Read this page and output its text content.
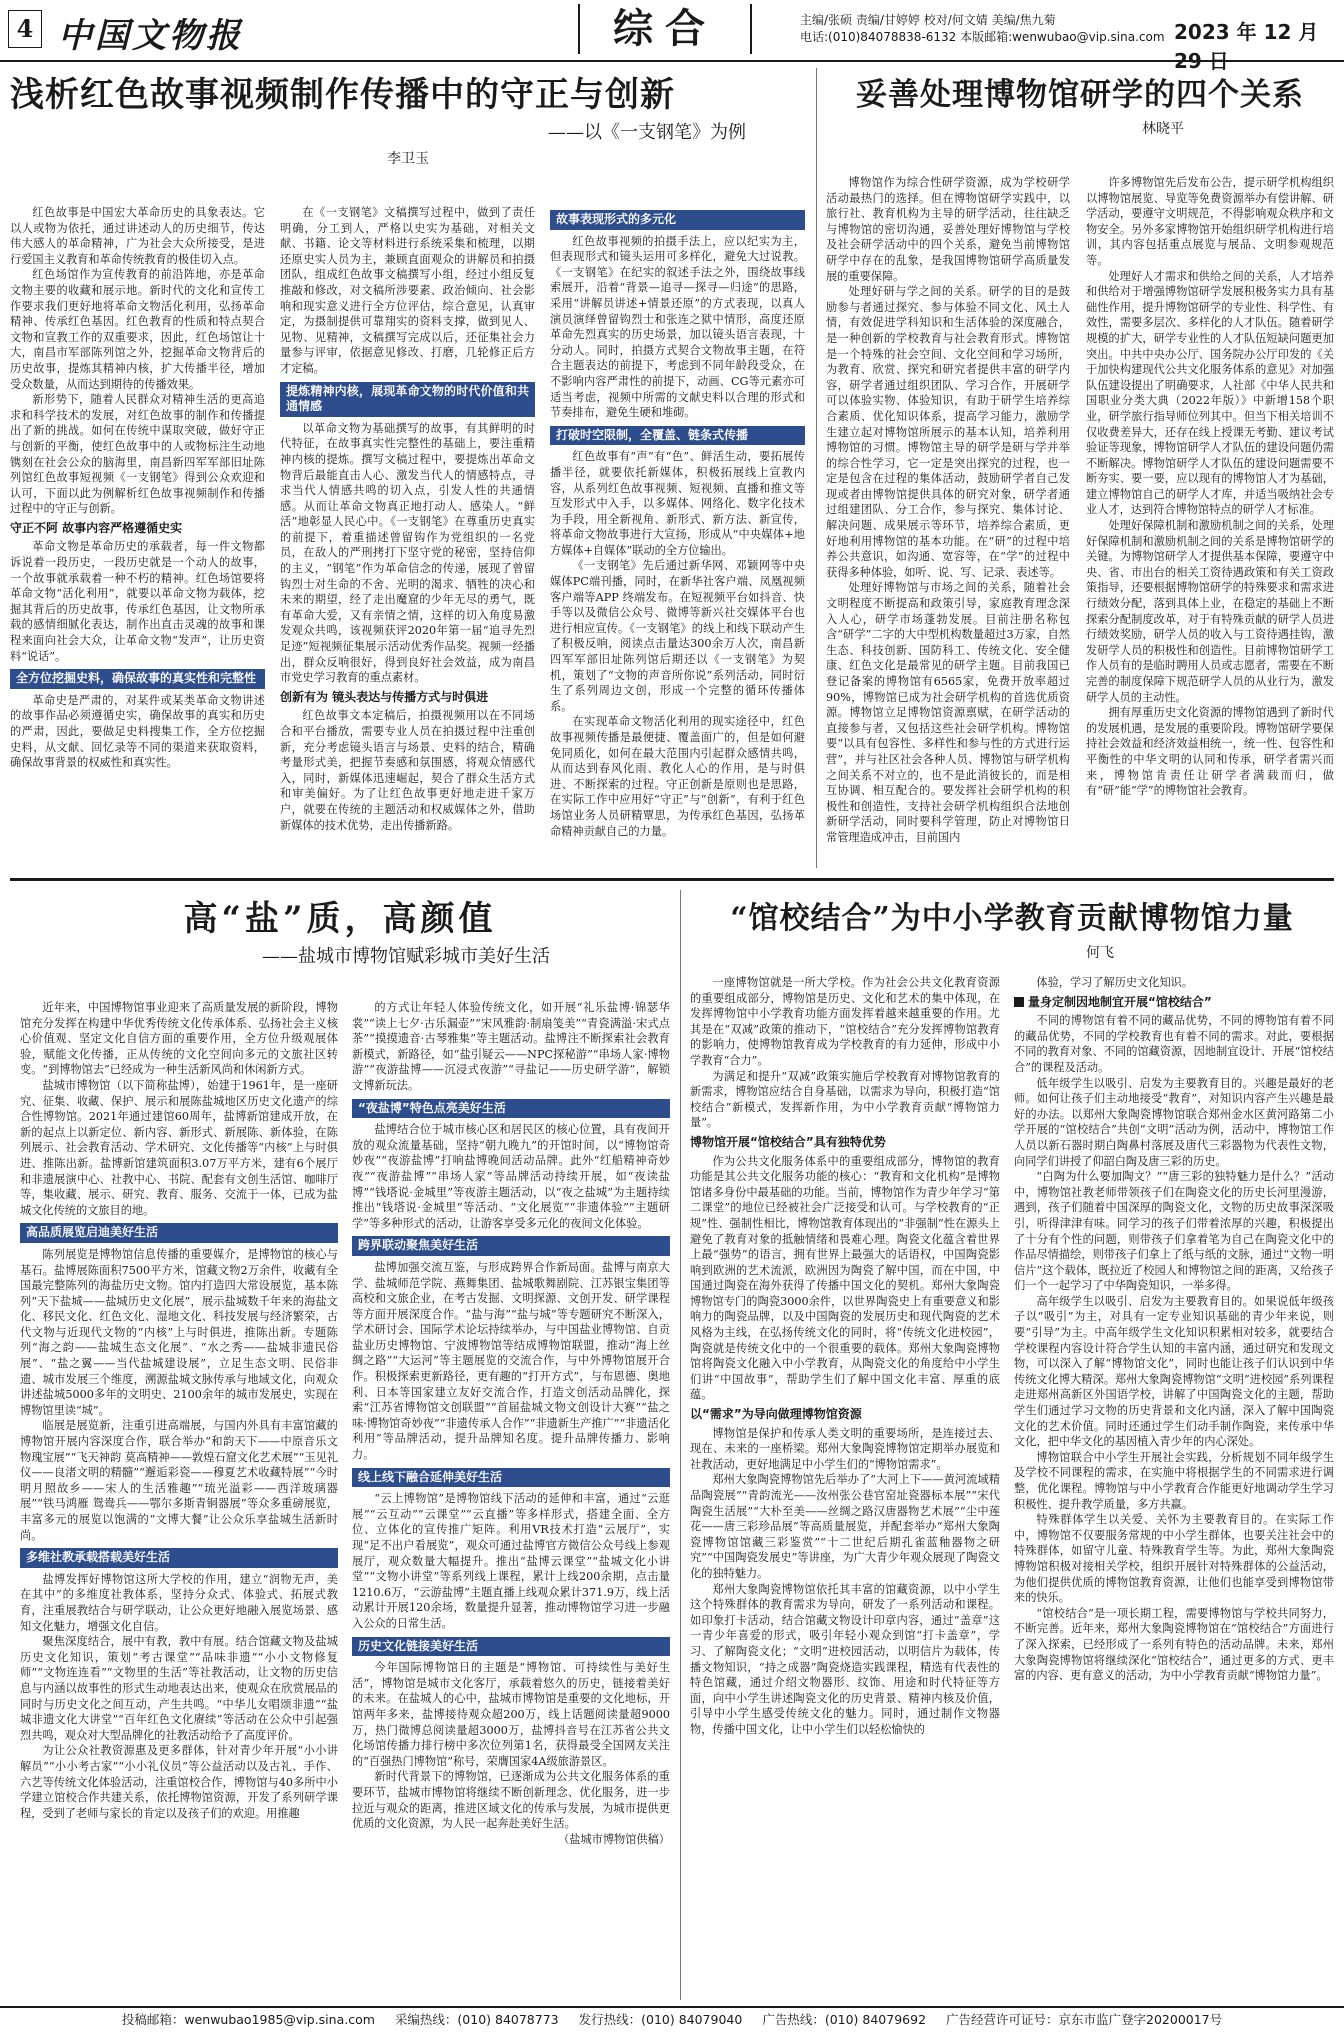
4 中国文物报	综合	主编/张硕 责编/甘婷婷 校对/何文婧 美编/焦九菊
电话:(010)84078838-6132 本版邮箱:wenwubao@vip.sina.com 2023 年 12 月 29 日
浅析红色故事视频制作传播中的守正与创新
——以《一支钢笔》为例
李卫玉

红色故事是中国宏大革命历史的具象表达。它以人或物为依托，通过讲述动人的历史细节，传达伟大感人的革命精神，广为社会大众所接受，是进行爱国主义教育和革命传统教育的极佳切入点。

红色场馆作为宣传教育的前沿阵地，亦是革命文物主要的收藏和展示地。新时代的文化和宣传工作要求我们更好地将革命文物活化利用，弘扬革命精神、传承红色基因。红色教育的性质和特点契合文物和宣教工作的双重要求，因此，红色场馆让十大，南昌市军部陈列馆之外，挖掘革命文物背后的历史故事，提炼其精神内核，扩大传播半径，增加受众数量，从而达到期待的传播效果。

新形势下，随着人民群众对精神生活的更高追求和科学技术的发展，对红色故事的制作和传播提出了新的挑战。如何在传统中谋取突破，做好守正与创新的平衡，使红色故事中的人或物标注生动地镌刻在社会公众的脑海里，南昌新四军军部旧址陈列馆红色故事短视频《一支钢笔》得到公众欢迎和认可，下面以此为例解析红色故事视频制作和传播过程中的守正与创新。

守正不阿 故事内容严格遵循史实

革命文物是革命历史的承载者，每一件文物都诉说着一段历史，一段历史就是一个动人的故事，一个故事就承载着一种不朽的精神。红色场馆要将革命文物“活化利用”，就要以革命文物为载体，挖掘其背后的历史故事，传承红色基因，让文物所承载的感情细腻化表达，制作出直击灵魂的故事和课程来面向社会大众，让革命文物“发声”，让历史资料“说话”。

全方位挖掘史料，确保故事的真实性和完整性

革命史是严肃的，对某件或某类革命文物讲述的故事作品必须遵循史实，确保故事的真实和历史的严肃，因此，要做足史料搜集工作，全方位挖掘史料，从文献、回忆录等不同的渠道来获取资料，确保故事背景的权威性和真实性。

在《一支钢笔》文稿撰写过程中，做到了责任明确，分工到人，严格以史实为基础，对相关文献、书籍、论文等材料进行系统采集和梳理，以期还原史实人员为主，兼顾直面观众的讲解员和拍摄团队，组成红色故事文稿撰写小组，经过小组反复推敲和修改，对文稿所涉要素、政治倾向、社会影响和现实意义进行全方位评估，综合意见，认真审定，为摄制提供可靠翔实的资料支撑，做到见人、见物、见精神，文稿撰写完成以后，还征集社会力量参与评审，依据意见修改、打磨，几轮修正后方才定稿。

提炼精神内核，展现革命文物的时代价值和共通情感

以革命文物为基础撰写的故事，有其鲜明的时代特征，在故事真实性完整性的基础上，要注重精神内核的提炼。撰写文稿过程中，要提炼出革命文物背后最能直击人心、激发当代人的情感特点，寻求当代人情感共鸣的切入点，引发人性的共通情感。从而让革命文物真正地打动人、感染人。“鲜活”地彰显人民心中。《一支钢笔》在尊重历史真实的前提下，着重描述曾留钩作为党组织的一名党员，在敌人的严刑拷打下坚守党的秘密，坚持信仰的主义，“钢笔”作为革命信念的传递，展现了曾留钩烈士对生命的不舍、光明的渴求、牺牲的决心和未来的期望，经了走出魔窟的少年无尽的勇气，既有革命大爱，又有亲情之情，这样的切入角度易激发观众共鸣，该视频获评2020年第一届“追寻先烈足迹”短视频征集展示活动优秀作品奖。视频一经播出，群众反响很好，得到良好社会效益，成为南昌市党史学习教育的重点素材。

创新有为 镜头表达与传播方式与时俱进

红色故事文本定稿后，拍摄视频用以在不同场合和平台播放，需要专业人员在拍摄过程中注重创新，充分考虑镜头语言与场景、史料的结合，精确考量形式美，把握节奏感和氛围感，将观众情感代入，同时，新媒体迅速崛起，契合了群众生活方式和审美偏好。为了让红色故事更好地走进千家万户，就要在传统的主题活动和权威媒体之外，借助新媒体的技术优势，走出传播新路。

故事表现形式的多元化

红色故事视频的拍摄手法上，应以纪实为主，但表现形式和镜头运用可多样化，避免大过说教。《一支钢笔》在纪实的叙述手法之外，围绕故事线索展开，沿着“背景—追寻—探寻—归途”的思路，采用“讲解员讲述+情景还原”的方式表现，以真人演员演绎曾留钩烈士和张连之狱中情形，高度还原革命先烈真实的历史场景，加以镜头语言表现，十分动人。同时，拍摄方式契合文物故事主题，在符合主题表达的前提下，考虑到不同年龄段受众，在不影响内容严肃性的前提下，动画、CG等元素亦可适当考虑，视频中所需的文献史料以合理的形式和节奏排布，避免生硬和堆砌。

打破时空限制，全覆盖、链条式传播

红色故事有“声”有“色”、鲜活生动，要拓展传播半径，就要依托新媒体，积极拓展线上宣教内容，从系列红色故事视频、短视频、直播和推文等互发形式中入手，以多媒体、网络化、数字化技术为手段，用全新视角、新形式、新方法、新宣传，将革命文物故事进行大宣扬，形成从“中央媒体+地方媒体+自媒体”联动的全方位输出。

《一支钢笔》先后通过新华网、邓颖网等中央媒体PC端刊播，同时，在新华社客户端、凤凰视频客户端等APP 终端发布。在短视频平台如抖音、快手等以及微信公众号、微博等新兴社交媒体平台也进行相应宣传。《一支钢笔》的线上和线下联动产生了积极反响，阅读点击量达300余万人次，南昌新四军军部旧址陈列馆后期还以《一支钢笔》为契机，策划了“文物的声音所你说”系列活动，同时衍生了系列周边文创，形成一个完整的循环传播体系。

在实现革命文物活化利用的现实途径中，红色故事视频传播是最便捷、覆盖面广的，但是如何避免同质化，如何在最大范围内引起群众感情共鸣，从而达到春风化雨、教化人心的作用，是与时俱进、不断探索的过程。守正创新是原则也是思路，在实际工作中应用好“守正”与“创新”，有利于红色场馆业务人员研精覃思，为传承红色基因，弘扬革命精神贡献自己的力量。

妥善处理博物馆研学的四个关系
林晓平

博物馆作为综合性研学资源，成为学校研学活动最热门的选择。但在博物馆研学实践中，以旅行社、教育机构为主导的研学活动，往往缺乏与博物馆的密切沟通，妥善处理好博物馆与学校及社会研学活动中的四个关系，避免当前博物馆研学中存在的乱象，是我国博物馆研学高质量发展的重要保障。

处理好研与学之间的关系。研学的目的是鼓励参与者通过探究、参与体验不同文化、风土人情，有效促进学科知识和生活体验的深度融合，是一种创新的学校教育与社会教育形式。博物馆是一个特殊的社会空间、文化空间和学习场所，为教育、欣赏、探究和研究者提供丰富的研学内容，研学者通过组织团队、学习合作，开展研学可以体验实物、体验知识，有助于研学生培养综合素质、优化知识体系，提高学习能力，激励学生建立起对博物馆所展示的基本认知，培养利用博物馆的习惯。博物馆主导的研学是研与学并举的综合性学习，它一定是突出探究的过程，也一定是包含在过程的集体活动，鼓励研学者自己发现或者由博物馆提供具体的研究对象，研学者通过组建团队、分工合作，参与探究、集体讨论、解决问题、成果展示等环节，培养综合素质，更好地利用博物馆的基本功能。在“研”的过程中培养公共意识，如沟通、宽容等，在“学”的过程中获得多种体验，如听、说、写、记录、表述等。

处理好博物馆与市场之间的关系，随着社会文明程度不断提高和政策引导，家庭教育理念深入人心，研学市场蓬勃发展。目前注册名称包含“研学”二字的大中型机构数量超过3万家，自然生态、科技创新、国防科工、传统文化、安全健康、红色文化是最常见的研学主题。目前我国已登记备案的博物馆有6565家，免费开放率超过90%，博物馆已成为社会研学机构的首选优质资源。博物馆立足博物馆资源禀赋，在研学活动的直接参与者，又包括这些社会研学机构。博物馆要“以具有包容性、多样性和参与性的方式进行运营”，并与社区社会各种人员、博物馆与研学机构之间关系不对立的，也不是此消彼长的，而是相互协调、相互配合的。要发挥社会研学机构的积极性和创造性，支持社会研学机构组织合法地创新研学活动，同时要科学管理，防止对博物馆日常管理造成冲击，目前国内

许多博物馆先后发布公告，提示研学机构组织以博物馆展览、导览等免费资源举办有偿讲解、研学活动，要遵守文明规范，不得影响观众秩序和文物安全。另外多家博物馆开始组织研学机构进行培训，其内容包括重点展览与展品、文明参观规范等。

处理好人才需求和供给之间的关系，人才培养和供给对于增强博物馆研学发展积极务实力具有基础性作用，提升博物馆研学的专业性、科学性、有效性，需要多层次、多样化的人才队伍。随着研学规模的扩大，研学专业性的人才队伍短缺问题更加突出。中共中央办公厅、国务院办公厅印发的《关于加快构建现代公共文化服务体系的意见》对加强队伍建设提出了明确要求，人社部《中华人民共和国职业分类大典（2022年版）》中新增158个职业，研学旅行指导师位列其中。但当下相关培训不仅收费差异大，还存在线上授课无考勤、建议考试验证等现象，博物馆研学人才队伍的建设问题仍需不断解决。博物馆研学人才队伍的建设问题需要不断夯实、要一要，应以现有的博物馆人才为基础，建立博物馆自己的研学人才库，并适当吸纳社会专业人才，达到符合博物馆特点的研学人才标准。

处理好保障机制和激励机制之间的关系，处理好保障机制和激励机制之间的关系是博物馆研学的关键。为博物馆研学人才提供基本保障，要遵守中央、省、市出台的相关工资待遇政策和有关工资政策指导，还要根据博物馆研学的特殊要求和需求进行绩效分配，落到具体上业，在稳定的基础上不断探索分配制度改革，对于有特殊贡献的研学人员进行绩效奖励，研学人员的收入与工资待遇挂钩，激发研学人员的积极性和创造性。目前博物馆研学工作人员有的是临时聘用人员或志愿者，需要在不断完善的制度保障下规范研学人员的从业行为，激发研学人员的主动性。

拥有厚重历史文化资源的博物馆遇到了新时代的发展机遇，是发展的重要阶段。博物馆研学要保持社会效益和经济效益相统一，统一性、包容性和平衡性的中华文明的认同和传承，研学者需兴而来，博物馆肯责任让研学者满载而归，做有“研”能“学”的博物馆社会教育。

高“盐”质，高颜值
——盐城市博物馆赋彩城市美好生活

近年来，中国博物馆事业迎来了高质量发展的新阶段，博物馆充分发挥在构建中华优秀传统文化传承体系、弘扬社会主义核心价值观、坚定文化自信方面的重要作用，全方位升级观展体验，赋能文化传播，正从传统的文化空间向多元的文旅社区转变。“到博物馆去”已经成为一种生活新风尚和休闲新方式。

盐城市博物馆（以下简称盐博），始建于1961年，是一座研究、征集、收藏、保护、展示和展陈盐城地区历史文化遗产的综合性博物馆。2021年通过建馆60周年，盐博新馆建成开放，在新的起点上以新定位、新内容、新形式、新展陈、新体验，在陈列展示、社会教育活动、学术研究、文化传播等“内核”上与时俱进、推陈出新。盐博新馆建筑面积3.07万平方米，建有6个展厅和非遗展演中心、社教中心、书院、配套有文创生活馆、咖啡厅等，集收藏、展示、研究、教育、服务、交流于一体，已成为盐城文化传统的文旅目的地。

高品质展览启迪美好生活

陈列展览是博物馆信息传播的重要媒介，是博物馆的核心与基石。盐博展陈面积7500平方米，馆藏文物2万余件，收藏有全国最完整陈列的海盐历史文物。馆内打造四大常设展览，基本陈列“天下盐城——盐城历史文化展”，展示盐城数千年来的海盐文化、移民文化、红色文化、湿地文化、科技发展与经济繁荣，古代文物与近现代文物的“内核”上与时俱进，推陈出新。专题陈列“海之韵——盐城生态文化展”、“水之秀——盐城非遗民俗展”、“盐之翼——当代盐城建设展”，立足生态文明、民俗非遗、城市发展三个维度，溯源盐城文脉传承与地域文化，向观众讲述盐城5000多年的文明史、2100余年的城市发展史，实现在博物馆里读“城”。

临展是展览新，注重引进高端展，与国内外具有丰富馆藏的博物馆开展内容深度合作，联合举办“和韵天下——中原音乐文物瑰宝展”“飞天神韵 莫高精神——敦煌石窟文化艺术展”“玉见礼仪——良渚文明的精髓”“邂逅彩瓷——穆夏艺术收藏特展”“今时明月照故乡——宋人的生活雅趣”“琉光溢彩——西洋玻璃器展”“铁马鸿雁 鸳鸯兵——鄂尔多斯青铜器展”等众多重磅展览，丰富多元的展览以饱满的“文博大餐”让公众乐享盐城生活新时尚。

多维社教承载搭载美好生活

盐博发挥好博物馆这所大学校的作用，建立“润物无声，美在其中”的多维度社教体系，坚持分众式、体验式、拓展式教育，注重展教结合与研学联动，让公众更好地融入展览场景、感知文化魅力，增强文化自信。

聚焦深度结合，展中有教，教中有展。结合馆藏文物及盐城历史文化知识，策划“考古课堂”“品味非遗”“小小文物修复师”“文物连连看”“文物里的生活”等社教活动，让文物的历史信息与内涵以故事性的形式生动地表达出来，使观众在欣赏展品的同时与历史文化之间互动，产生共鸣。“中华儿女唱颂非遗”“盐城非遗文化大讲堂”“百年红色文化赓续”等活动在公众中引起强烈共鸣，观众对大型品牌化的社教活动给予了高度评价。

为让公众社教资源惠及更多群体，针对青少年开展“小小讲解员”“小小考古家”“小小礼仪员”等公益活动以及古礼、手作、六艺等传统文化体验活动，注重馆校合作，博物馆与40多所中小学建立馆校合作共建关系，依托博物馆资源，开发了系列研学课程，受到了老师与家长的肯定以及孩子们的欢迎。用推趣

的方式让年轻人体验传统文化，如开展“礼乐盐博·锦瑟华裳”“读上七夕·古乐漏壶”“宋风雅韵·制扇笺美”“青瓷满溢·宋式点茶”“摸摸遗音·古琴雅集”等主题活动。盐博注不断探索社会教育新模式，新路径，如“盐引疑云——NPC探秘游”“串场人家·博物游”“夜游盐博——沉浸式夜游”“寻盐记——历史研学游”，解锁文博新玩法。

“夜盐博”特色点亮美好生活

盐博结合位于城市核心区和居民区的核心位置，具有夜间开放的观众流量基础，坚持“朝九晚九”的开馆时间，以“博物馆奇妙夜”“夜游盐博”打响盐博晚间活动品牌。此外“红船精神奇妙夜”“夜游盐博”“串场人家”等品牌活动持续开展，如“夜读盐博”“钱塔说·金城里”等夜游主题活动，以“夜之盐城”为主题持续推出“钱塔说·金城里”等活动、“文化展览”“非遗体验”“主题研学”等多种形式的活动，让游客享受多元化的夜间文化体验。

跨界联动聚焦美好生活

盐博加强交流互鉴，与形成跨界合作新局面。盐博与南京大学、盐城师范学院、燕舞集团、盐城歌舞剧院、江苏银宝集团等高校和文旅企业，在考古发掘、文明探源、文创开发、研学课程等方面开展深度合作。“盐与海”“盐与城”等专题研究不断深入，学术研讨会、国际学术论坛持续举办，与中国盐业博物馆、自贡盐业历史博物馆、宁波博物馆等结成博物馆联盟，推动“海上丝绸之路”“大运河”等主题展览的交流合作，与中外博物馆展开合作。积极探索更新路径，更有趣的“打开方式”，与布恩德、奥地利、日本等国家建立友好交流合作，打造文创活动品牌化，探索“江苏省博物馆文创联盟”“首届盐城文物文创设计大赛”“盐之味·博物馆奇妙夜”“非遗传承人合作”“非遗新生产推广”“非遗活化利用”等品牌活动，提升品牌知名度。提升品牌传播力、影响力。

线上线下融合延伸美好生活

“云上博物馆”是博物馆线下活动的延伸和丰富，通过“云逛展”“云互动”“云课堂”“云直播”等多样形式，搭建全面、全方位、立体化的宣传推广矩阵。利用VR技术打造“云展厅”，实现“足不出户看展览”，观众可通过盐博官方微信公众号线上参观展厅，观众数量大幅提升。推出“盐博云课堂”“盐城文化小讲堂”“文物小讲堂”等系列线上课程，累计上线200余期，点击量1210.6万，“云游盐博”主题直播上线观众累计371.9万，线上活动累计开展120余场，数量提升显著，推动博物馆学习进一步融入公众的日常生活。

历史文化链接美好生活

今年国际博物馆日的主题是“博物馆、可持续性与美好生活”，博物馆是城市文化客厅，承载着悠久的历史，链接着美好的未来。在盐城人的心中，盐城市博物馆是重要的文化地标，开馆两年多来，盐博接待观众超200万，线上话题阅读量超9000万，热门微博总阅读量超3000万，盐博抖音号在江苏省公共文化场馆传播力排行榜中多次位列第1名，获得最受全国网友关注的“百强热门博物馆”称号，荣膺国家4A级旅游景区。

新时代背景下的博物馆，已逐渐成为公共文化服务体系的重要环节，盐城市博物馆将继续不断创新理念、优化服务，进一步拉近与观众的距离，推进区域文化的传承与发展，为城市提供更优质的文化资源，为人民一起奔赴美好生活。

（盐城市博物馆供稿）

“馆校结合”为中小学教育贡献博物馆力量
何飞

一座博物馆就是一所大学校。作为社会公共文化教育资源的重要组成部分，博物馆是历史、文化和艺术的集中体现，在发挥博物馆中小学教育功能方面发挥着越来越重要的作用。尤其是在“双减”政策的推动下，“馆校结合”充分发挥博物馆教育的影响力，使博物馆教育成为学校教育的有力延伸，形成中小学教育“合力”。

为满足和提升“双减”政策实施后学校教育对博物馆教育的新需求，博物馆应结合自身基础，以需求为导向，积极打造“馆校结合”新模式，发挥新作用，为中小学教育贡献“博物馆力量”。

博物馆开展“馆校结合”具有独特优势

作为公共文化服务体系中的重要组成部分，博物馆的教育功能是其公共文化服务功能的核心：“教育和文化机构”是博物馆诸多身份中最基础的功能。当前，博物馆作为青少年学习“第二课堂”的地位已经被社会广泛接受和认可。与学校教育的“正规”性、强制性相比，博物馆教育体现出的“非强制”性在源头上避免了教育对象的抵触情绪和畏难心理。陶瓷文化蕴含着世界上最“强势”的语言，拥有世界上最强大的话语权，中国陶瓷影响到欧洲的艺术流派，欧洲因为陶瓷了解中国，而在中国，中国通过陶瓷在海外获得了传播中国文化的契机。郑州大象陶瓷博物馆专门的陶瓷3000余件，以世界陶瓷史上有重要意义和影响力的陶瓷品牌，以及中国陶瓷的发展历史和现代陶瓷的艺术风格为主线，在弘扬传统文化的同时，将“传统文化进校园”，陶瓷就是传统文化中的一个很重要的载体。郑州大象陶瓷博物馆将陶瓷文化融入中小学教育，从陶瓷文化的角度给中小学生们讲“中国故事”，帮助学生们了解中国文化丰富、厚重的底蕴。

以“需求”为导向做理博物馆资源

博物馆是保护和传承人类文明的重要场所，是连接过去、现在、未来的一座桥梁。郑州大象陶瓷博物馆定期举办展览和社教活动，更好地满足中小学生们的“博物馆需求”。

郑州大象陶瓷博物馆先后举办了“大河上下——黄河流域精品陶瓷展”“青韵流光——汝州张公巷官窑址瓷器标本展”“宋代陶瓷生活展”“大朴至美——丝绸之路汉唐器物艺术展”“尘中莲花——唐三彩珍品展”等高质量展览，并配套举办“郑州大象陶瓷博物馆馆藏三彩鉴赏”“十二世纪后期孔雀蓝釉器物之研究”“中国陶瓷发展史”等讲座，为广大青少年观众展现了陶瓷文化的独特魅力。

郑州大象陶瓷博物馆依托其丰富的馆藏资源，以中小学生这个特殊群体的教育需求为导向，研发了一系列活动和课程。如印象打卡活动，结合馆藏文物设计印章内容，通过“盖章”这一青少年喜爱的形式，吸引年轻小观众到馆“打卡盖章”，学习、了解陶瓷文化；“文明”进校园活动，以明信片为载体，传播文物知识，“持之成器”陶瓷烧造实践课程，精选有代表性的特色馆藏，通过介绍文物器形、纹饰、用途和时代特征等方面，向中小学生讲述陶瓷文化的历史背景、精神内核及价值，引导中小学生感受传统文化的魅力。同时，通过制作文物器物，传播中国文化，让中小学生们以轻松愉快的

体验，学习了解历史文化知识。

量身定制因地制宜开展“馆校结合”

不同的博物馆有着不同的藏品优势，不同的博物馆有着不同的藏品优势，不同的学校教育也有着不同的需求。对此，要根据不同的教育对象、不同的馆藏资源，因地制宜设计、开展“馆校结合”的课程及活动。

低年级学生以吸引、启发为主要教育目的。兴趣是最好的老师。如何让孩子们主动地接受“教育”，对知识内容产生兴趣是最好的办法。以郑州大象陶瓷博物馆联合郑州金水区黄河路第二小学开展的“馆校结合”共创“文明”活动为例，活动中，博物馆工作人员以新石器时期白陶鼻村落展及唐代三彩器物为代表性文物，向同学们讲授了仰韶白陶及唐三彩的历史。

“白陶为什么要加陶文？”“唐三彩的独特魅力是什么？”活动中，博物馆社教老师带领孩子们在陶瓷文化的历史长河里漫游，遇到，孩子们随着中国深厚的陶瓷文化，文物的历史故事深深吸引，听得津津有味。同学习的孩子们带着浓厚的兴趣，积极提出了十分有个性的问题，则带孩子们拿着笔为自己在陶瓷文化中的作品尽情描绘，则带孩子们拿上了纸与纸的文脉，通过“文物一明信片”这个载体，既拉近了校园人和博物馆之间的距离，又给孩子们一个一起学习了中华陶瓷知识，一举多得。

高年级学生以吸引、启发为主要教育目的。如果说低年级孩子以“吸引”为主，对具有一定专业知识基础的青少年来说，则要“引导”为主。中高年级学生文化知识积累相对较多，就要结合学校课程内容设计符合学生认知的丰富内涵，通过研究和发现文物，可以深入了解“博物馆文化”，同时也能让孩子们认识到中华传统文化博大精深。郑州大象陶瓷博物馆“文明”进校园”系列课程走进郑州高新区外国语学校，讲解了中国陶瓷文化的主题，帮助学生们通过学习文物的历史背景和文化内涵，深入了解中国陶瓷文化的艺术价值。同时还通过学生们动手制作陶瓷，来传承中华文化，把中华文化的基因植入青少年的内心深处。

博物馆联合中小学生开展社会实践，分析规划不同年级学生及学校不同课程的需求，在实施中将根据学生的不同需求进行调整，优化课程。博物馆与中小学教育合作能更好地调动学生学习积极性、提升教学质量，多方共赢。

特殊群体学生以关爱、关怀为主要教育目的。在实际工作中，博物馆不仅要服务常规的中小学生群体，也要关注社会中的特殊群体，如留守儿童、特殊教育学生等。为此，郑州大象陶瓷博物馆积极对接相关学校，组织开展针对特殊群体的公益活动，为他们提供优质的博物馆教育资源，让他们也能享受到博物馆带来的快乐。

“馆校结合”是一项长期工程，需要博物馆与学校共同努力，不断完善。近年来，郑州大象陶瓷博物馆在“馆校结合”方面进行了深入探索，已经形成了一系列有特色的活动品牌。未来，郑州大象陶瓷博物馆将继续深化“馆校结合”，通过更多的方式、更丰富的内容、更有意义的活动，为中小学教育贡献“博物馆力量”。

投稿邮箱：wenwubao1985@vip.sina.com 采编热线：(010) 84078773 发行热线：(010) 84079040 广告热线：(010) 84079692 广告经营许可证号：京东市监广登字20200017号
